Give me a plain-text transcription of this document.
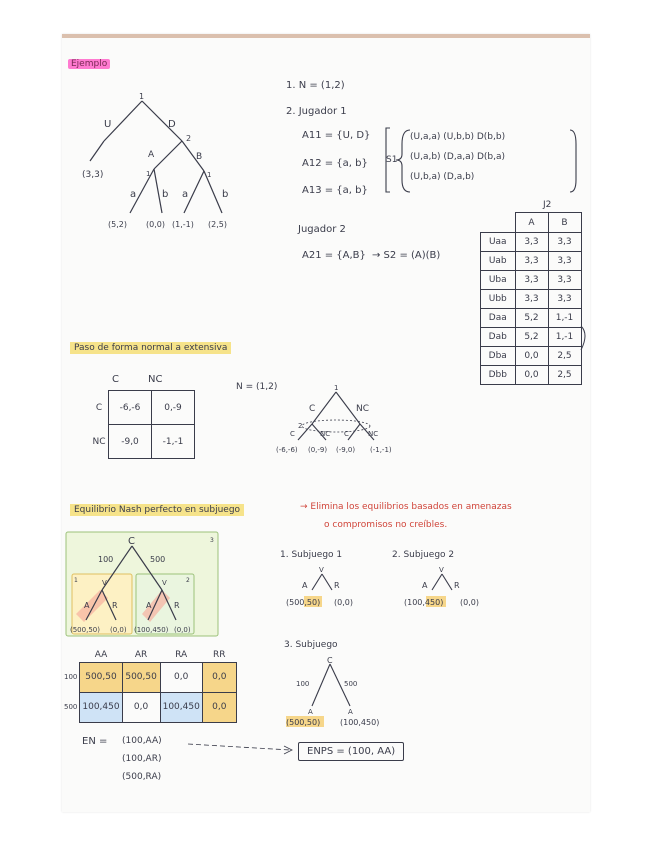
Ejemplo
1
U	D
(3,3)
2
A	B
1	1
a	b a	b
(5,2) (0,0) (1,-1) (2,5)
1. N = (1,2)
2. Jugador 1
A11 = {U, D}
A12 = {a, b}
A13 = {a, b}
S1
(U,a,a) (U,b,b) D(b,b)
(U,a,b) (D,a,a) D(b,a)
(U,b,a) (D,a,b)
Jugador 2
A21 = {A,B} → S2 = (A)(B)
J2
	A	B
Uaa	3,3	3,3
Uab	3,3	3,3
Uba	3,3	3,3
Ubb	3,3	3,3
Daa	5,2	1,-1
Dab	5,2	1,-1
Dba	0,0	2,5
Dbb	0,0	2,5
Paso de forma normal a extensiva
C	NC
C	-6,-6	0,-9
NC	-9,0	-1,-1
N = (1,2)	1
C	NC
2
C	NC C	NC
(-6,-6) (0,-9) (-9,0) (-1,-1)
Equilibrio Nash perfecto en subjuego	→ Elimina los equilibrios basados en amenazas
o compromisos no creíbles.
C
100	500
V
A	R
V
A	R
1	2
3
(500,50) (0,0) (100,450) (0,0)
1. Subjuego 1
V
A	R
(500,50) (0,0)
2. Subjuego 2
V
A	R
(100,450) (0,0)
3. Subjuego
C
100	500
A	A
(500,50) (100,450)
	AA	AR	RA	RR
100	500,50	500,50	0,0	0,0
500	100,450	0,0	100,450	0,0
EN = (100,AA)
(100,AR)
(500,RA)
ENPS = (100, AA)
